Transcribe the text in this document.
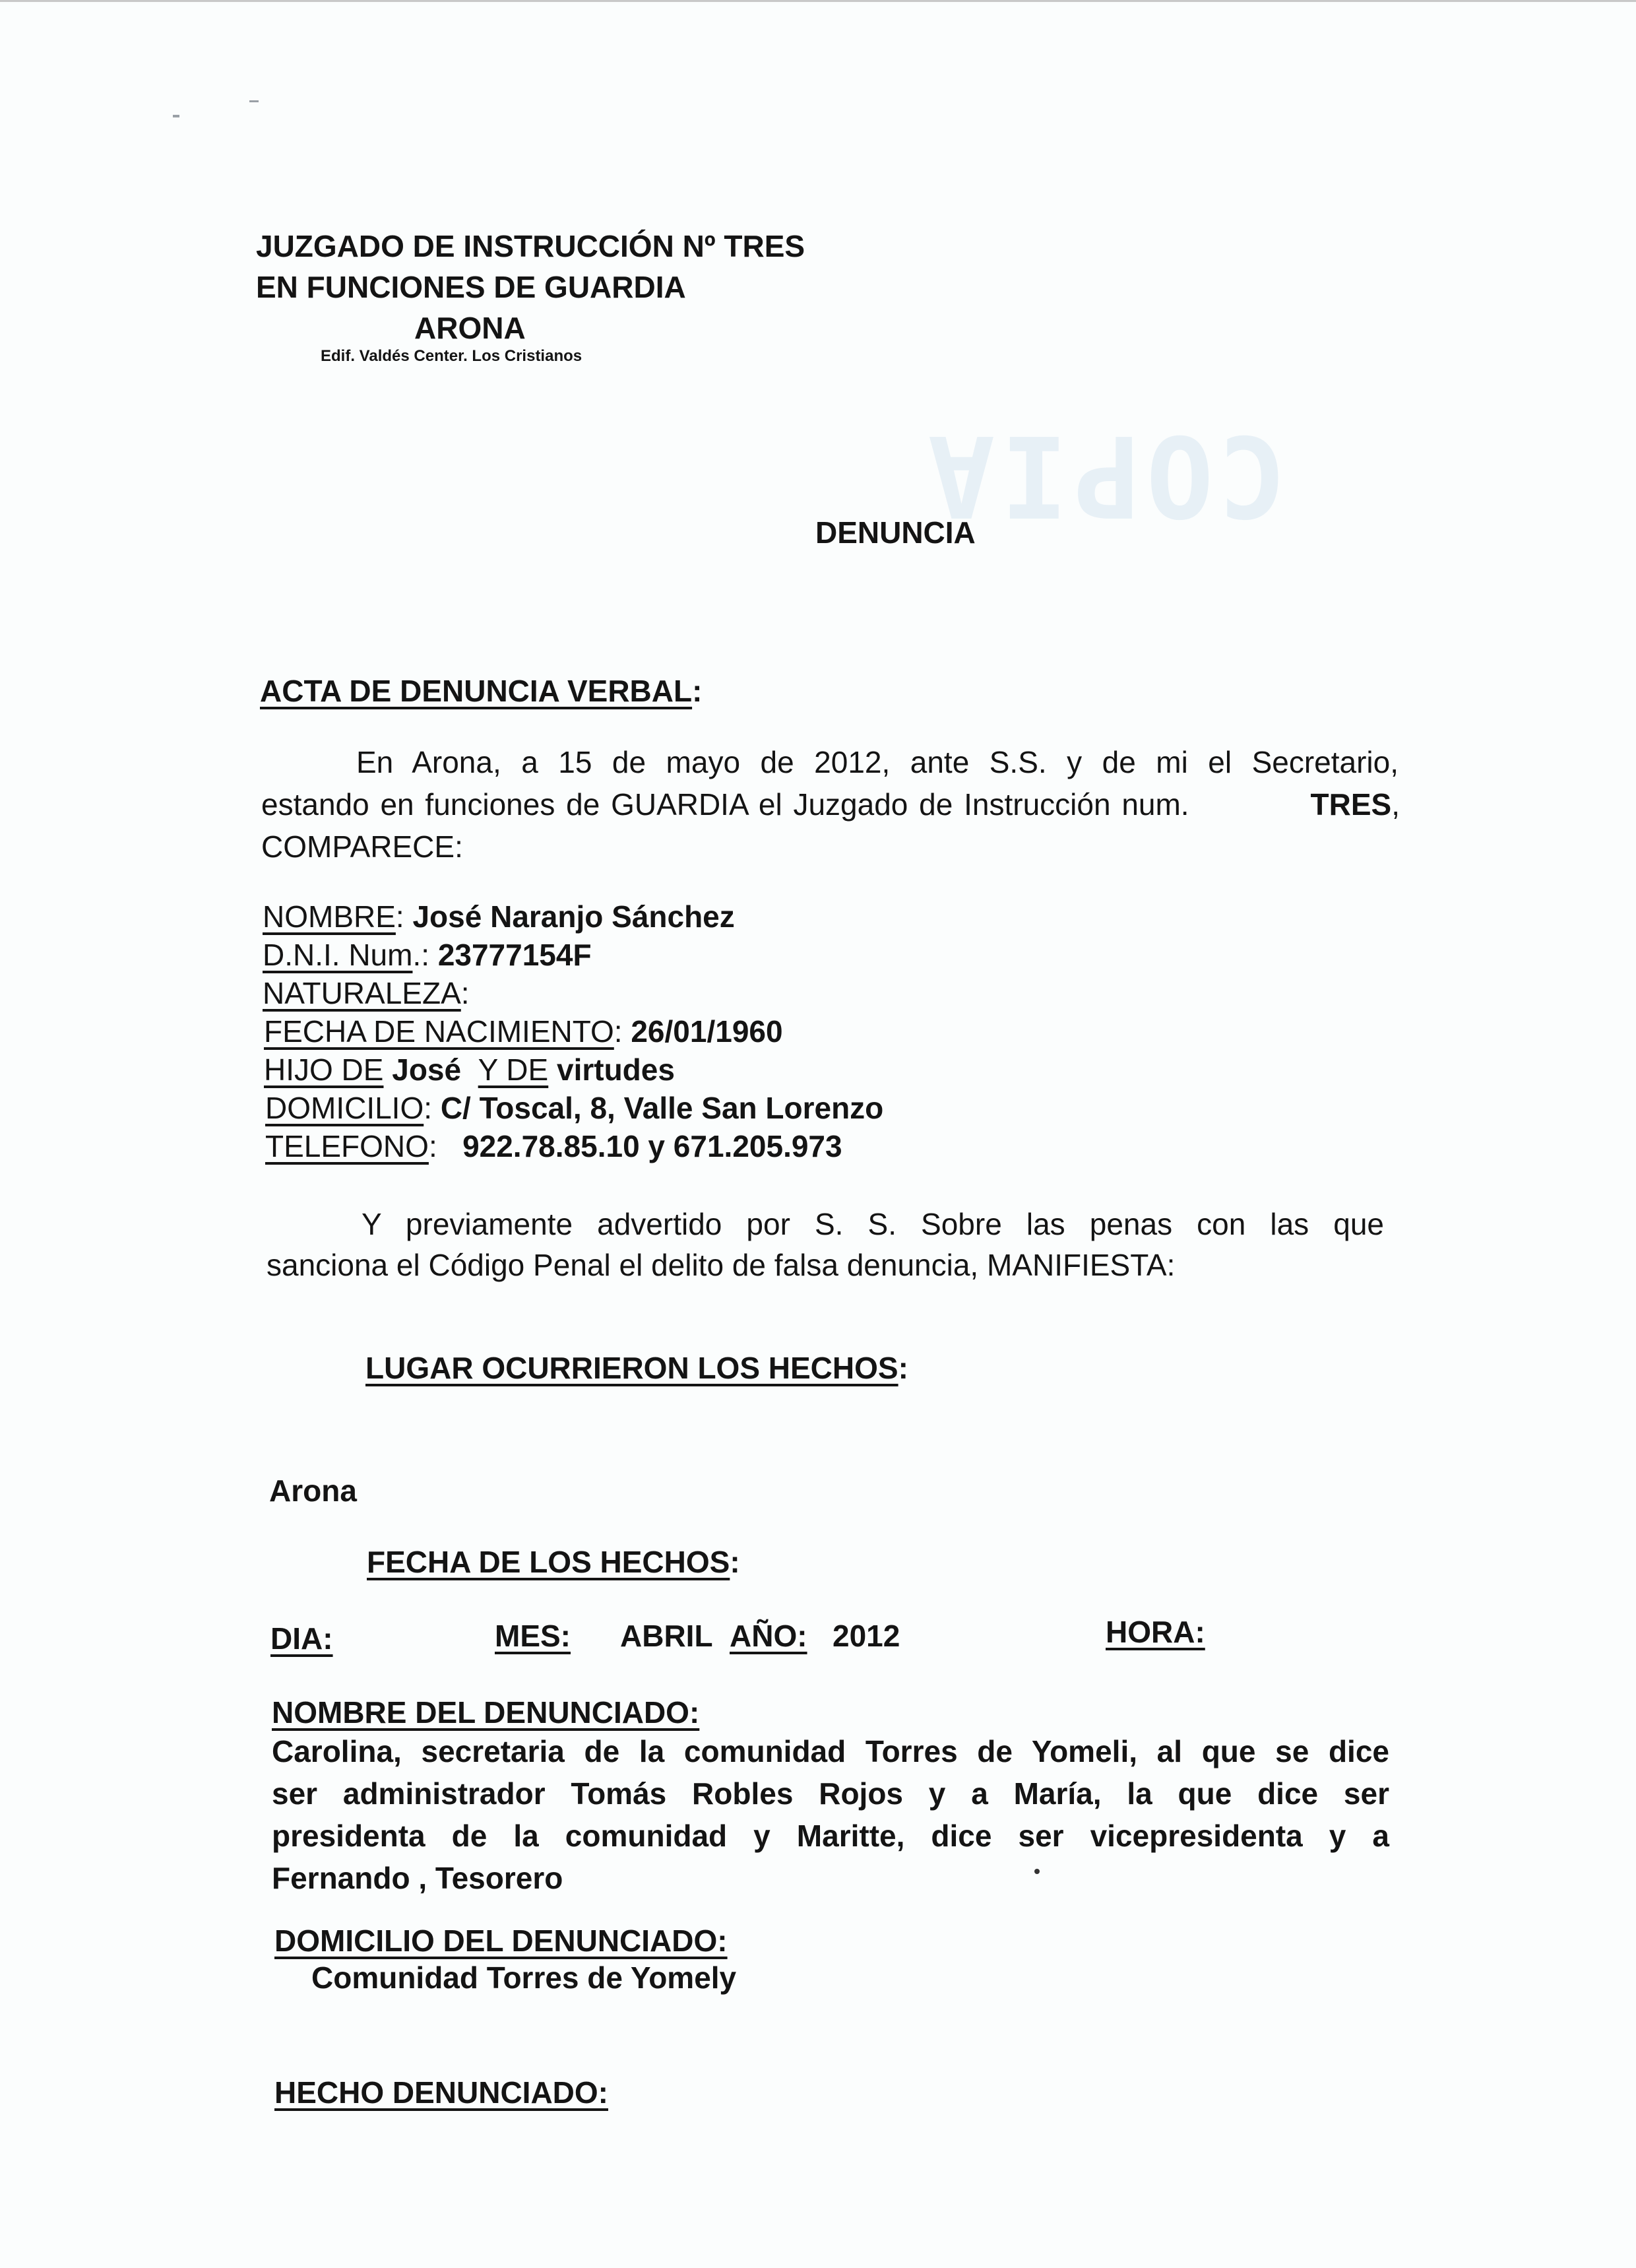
COPIA
JUZGADO DE INSTRUCCIÓN Nº TRES
EN FUNCIONES DE GUARDIA
ARONA
Edif. Valdés Center. Los Cristianos
DENUNCIA
ACTA DE DENUNCIA VERBAL:
En Arona, a 15 de mayo de 2012, ante S.S. y de mi el Secretario,
estando en funciones de GUARDIA el Juzgado de Instrucción num.	TRES,
COMPARECE:
NOMBRE: José Naranjo Sánchez
D.N.I. Num.: 23777154F
NATURALEZA:
FECHA DE NACIMIENTO: 26/01/1960
HIJO DE José Y DE virtudes
DOMICILIO: C/ Toscal, 8, Valle San Lorenzo
TELEFONO:   922.78.85.10 y 671.205.973
Y previamente advertido por S. S. Sobre las penas con las que
sanciona el Código Penal el delito de falsa denuncia, MANIFIESTA:
LUGAR OCURRIERON LOS HECHOS:
Arona
FECHA DE LOS HECHOS:
DIA:	MES: ABRIL AÑO: 2012	HORA:
NOMBRE DEL DENUNCIADO:
Carolina, secretaria de la comunidad Torres de Yomeli, al que se dice
ser administrador Tomás Robles Rojos y a María, la que dice ser
presidenta de la comunidad y Maritte, dice ser vicepresidenta y a
Fernando , Tesorero
DOMICILIO DEL DENUNCIADO:
Comunidad Torres de Yomely
HECHO DENUNCIADO:
